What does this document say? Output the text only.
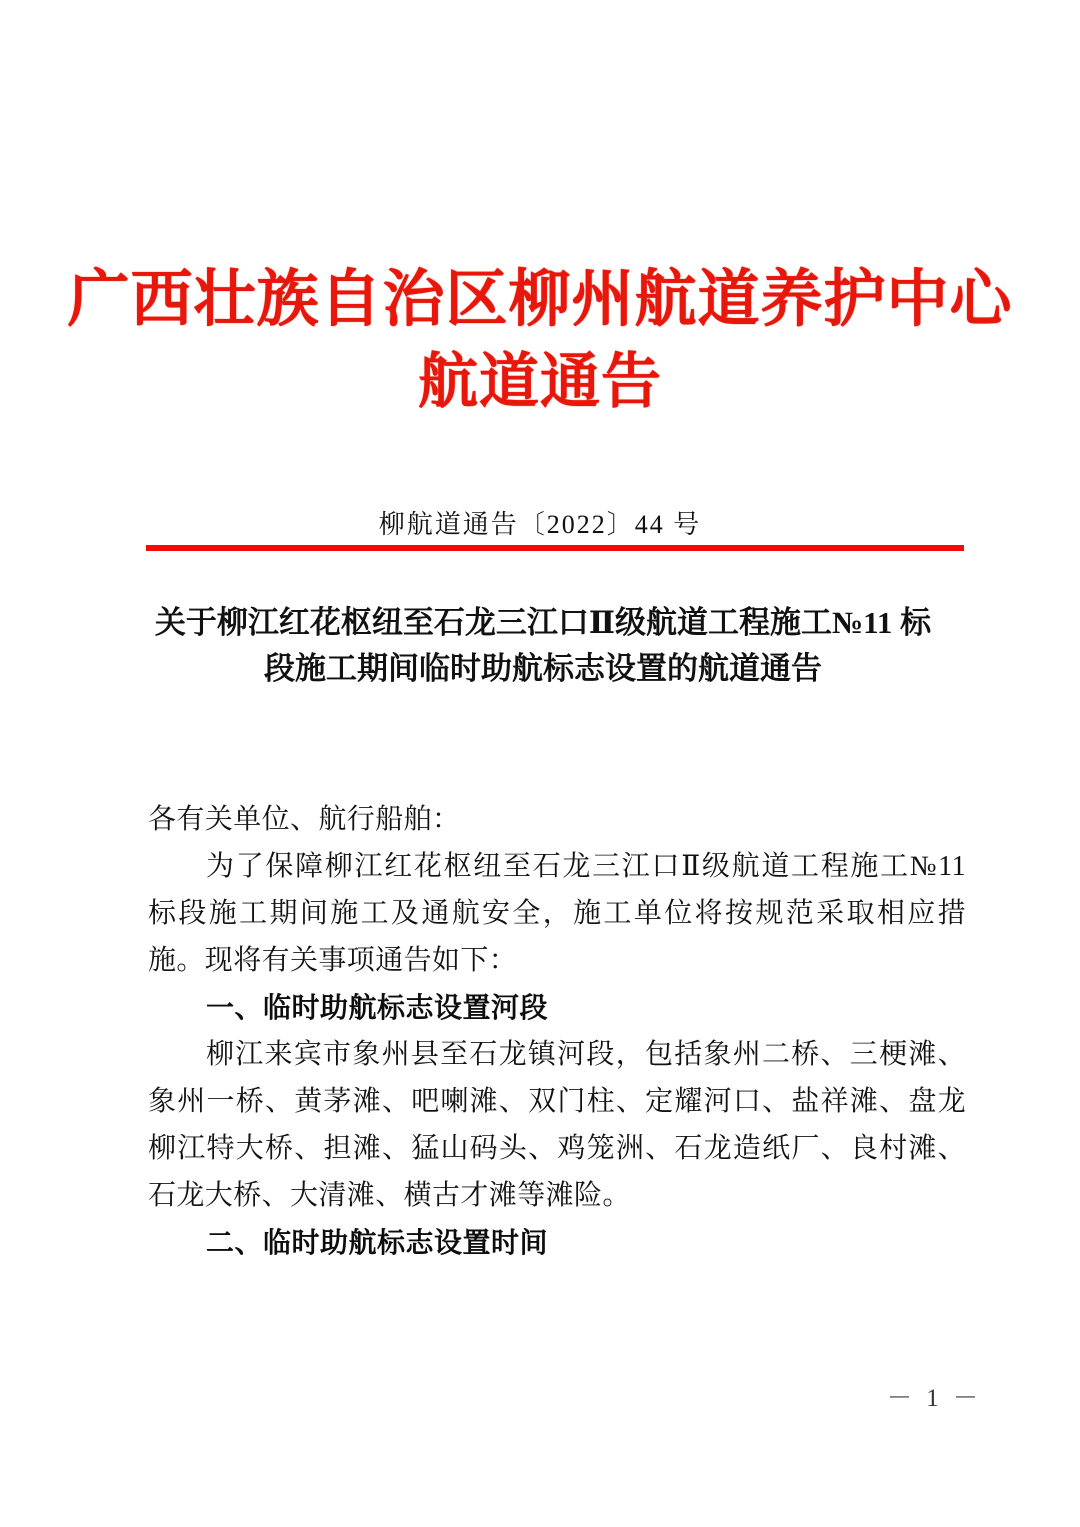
广西壮族自治区柳州航道养护中心
航道通告
柳航道通告〔2022〕44 号
关于柳江红花枢纽至石龙三江口Ⅱ级航道工程施工№11 标段施工期间临时助航标志设置的航道通告

各有关单位、航行船舶：

为了保障柳江红花枢纽至石龙三江口Ⅱ级航道工程施工№11 标段施工期间施工及通航安全，施工单位将按规范采取相应措施。现将有关事项通告如下：

一、临时助航标志设置河段

柳江来宾市象州县至石龙镇河段，包括象州二桥、三梗滩、象州一桥、黄茅滩、吧喇滩、双门柱、定耀河口、盐祥滩、盘龙柳江特大桥、担滩、猛山码头、鸡笼洲、石龙造纸厂、良村滩、石龙大桥、大清滩、横古才滩等滩险。

二、临时助航标志设置时间

－ 1 －
